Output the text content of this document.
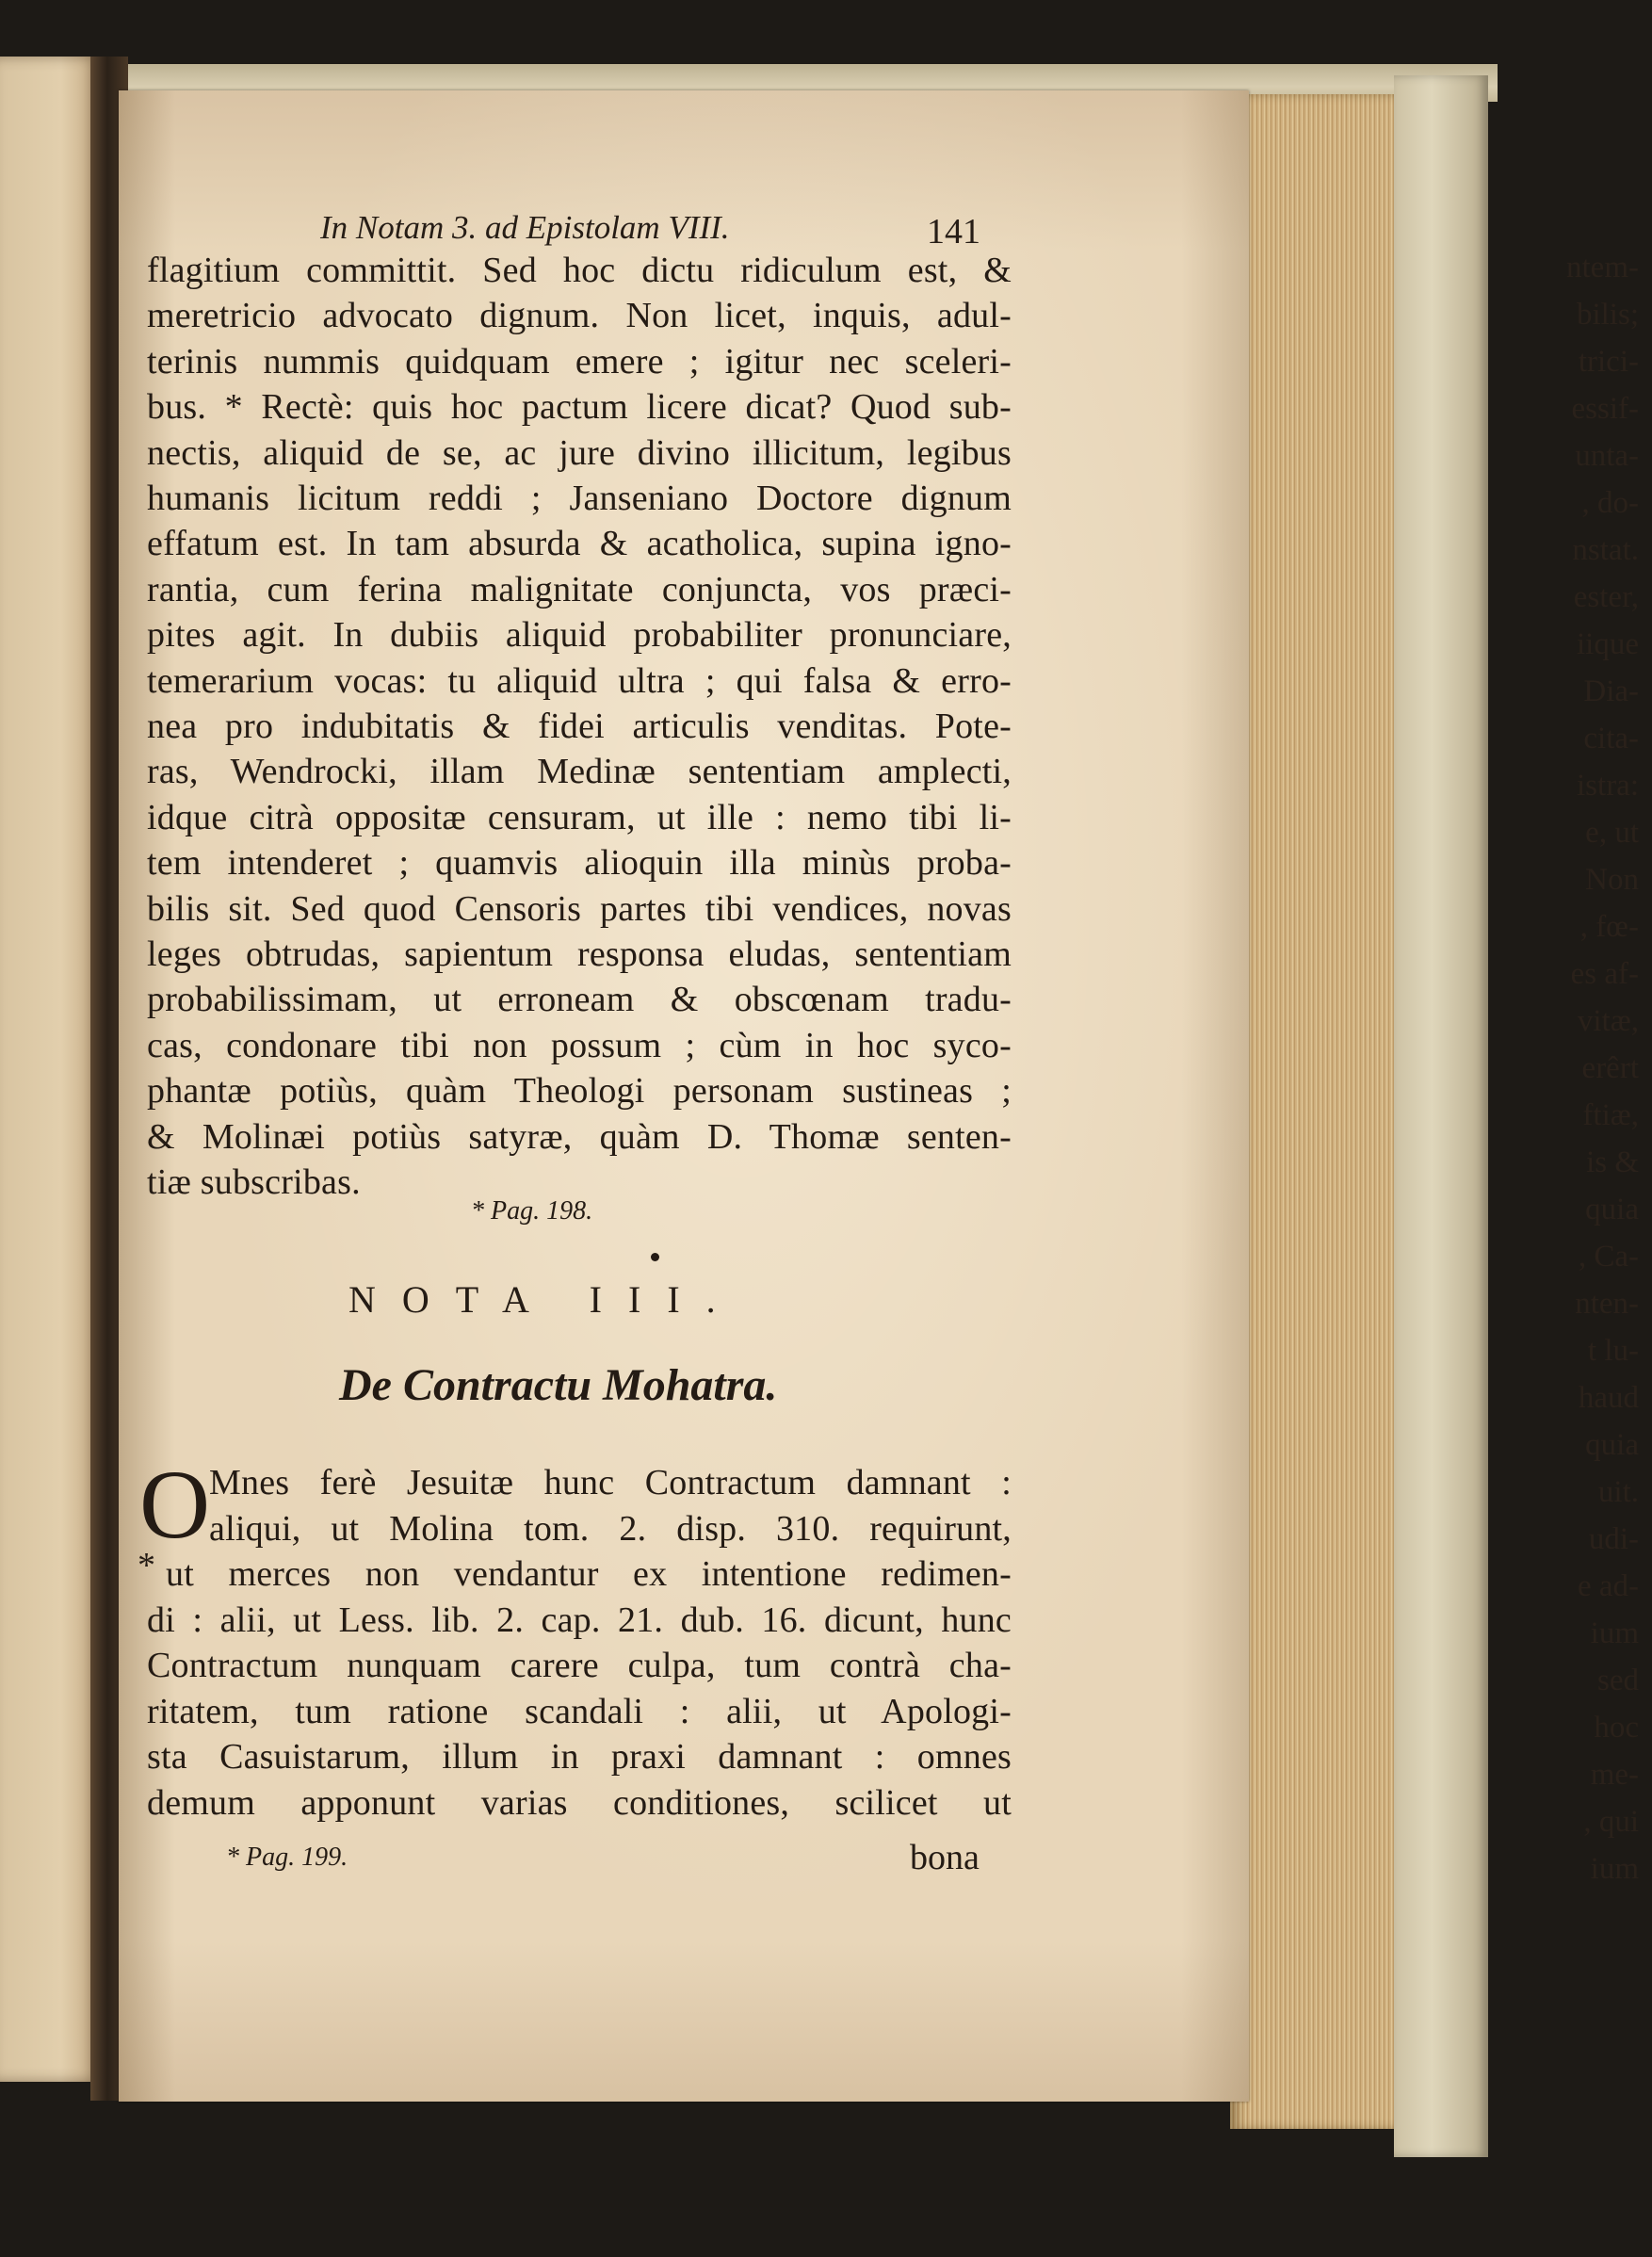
ntem-
bilis;
trici-
essif-
unta-
, do-
nstat.
ester,
iique
Dia-
cita-
istra:
e, ut
Non
, fœ-
es af-
vitæ,
erêrt
ftiæ,
is &
quia
, Ca-
nten-
t lu-
haud
quia
uit.
udi-
e ad-
ium
sed
hoc
me-
, qui
ium
In Notam 3. ad Epistolam VIII.	141
flagitium committit. Sed hoc dictu ridiculum est, &
meretricio advocato dignum. Non licet, inquis, adul-
terinis nummis quidquam emere ; igitur nec sceleri-
bus. * Rectè: quis hoc pactum licere dicat? Quod sub-
nectis, aliquid de se, ac jure divino illicitum, legibus
humanis licitum reddi ; Janseniano Doctore dignum
effatum est. In tam absurda & acatholica, supina igno-
rantia, cum ferina malignitate conjuncta, vos præci-
pites agit. In dubiis aliquid probabiliter pronunciare,
temerarium vocas: tu aliquid ultra ; qui falsa & erro-
nea pro indubitatis & fidei articulis venditas. Pote-
ras, Wendrocki, illam Medinæ sententiam amplecti,
idque citrà oppositæ censuram, ut ille : nemo tibi li-
tem intenderet ; quamvis alioquin illa minùs proba-
bilis sit. Sed quod Censoris partes tibi vendices, novas
leges obtrudas, sapientum responsa eludas, sententiam
probabilissimam, ut erroneam & obscœnam tradu-
cas, condonare tibi non possum ; cùm in hoc syco-
phantæ potiùs, quàm Theologi personam sustineas ;
& Molinæi potiùs satyræ, quàm D. Thomæ senten-
tiæ subscribas.
* Pag. 198.
NOTA III.
De Contractu Mohatra.
O
*
Mnes ferè Jesuitæ hunc Contractum damnant :
aliqui, ut Molina tom. 2. disp. 310. requirunt,
ut merces non vendantur ex intentione redimen-
di : alii, ut Less. lib. 2. cap. 21. dub. 16. dicunt, hunc
Contractum nunquam carere culpa, tum contrà cha-
ritatem, tum ratione scandali : alii, ut Apologi-
sta Casuistarum, illum in praxi damnant : omnes
demum apponunt varias conditiones, scilicet ut
* Pag. 199.	bona
